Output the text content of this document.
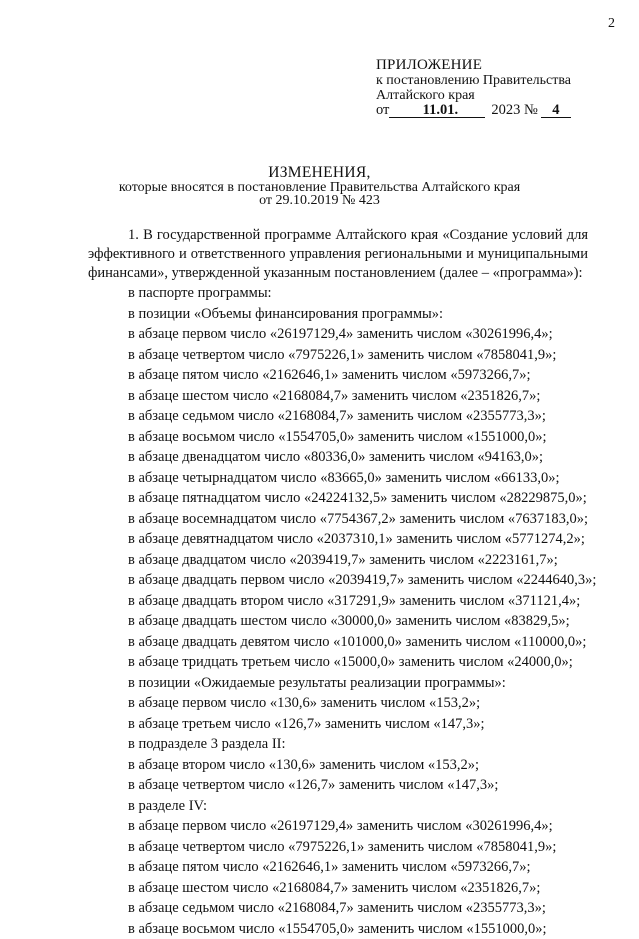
2
ПРИЛОЖЕНИЕ
к постановлению Правительства
Алтайского края
от	11.01.	2023 № 4
ИЗМЕНЕНИЯ,
которые вносятся в постановление Правительства Алтайского края
от 29.10.2019 № 423

1. В государственной программе Алтайского края «Создание условий для эффективного и ответственного управления региональными и муниципальными финансами», утвержденной указанным постановлением (далее – «программа»):

в паспорте программы:
в позиции «Объемы финансирования программы»:
в абзаце первом число «26197129,4» заменить числом «30261996,4»;
в абзаце четвертом число «7975226,1» заменить числом «7858041,9»;
в абзаце пятом число «2162646,1» заменить числом «5973266,7»;
в абзаце шестом число «2168084,7» заменить числом «2351826,7»;
в абзаце седьмом число «2168084,7» заменить числом «2355773,3»;
в абзаце восьмом число «1554705,0» заменить числом «1551000,0»;
в абзаце двенадцатом число «80336,0» заменить числом «94163,0»;
в абзаце четырнадцатом число «83665,0» заменить числом «66133,0»;
в абзаце пятнадцатом число «24224132,5» заменить числом «28229875,0»;
в абзаце восемнадцатом число «7754367,2» заменить числом «7637183,0»;
в абзаце девятнадцатом число «2037310,1» заменить числом «5771274,2»;
в абзаце двадцатом число «2039419,7» заменить числом «2223161,7»;
в абзаце двадцать первом число «2039419,7» заменить числом «2244640,3»;
в абзаце двадцать втором число «317291,9» заменить числом «371121,4»;
в абзаце двадцать шестом число «30000,0» заменить числом «83829,5»;
в абзаце двадцать девятом число «101000,0» заменить числом «110000,0»;
в абзаце тридцать третьем число «15000,0» заменить числом «24000,0»;
в позиции «Ожидаемые результаты реализации программы»:
в абзаце первом число «130,6» заменить числом «153,2»;
в абзаце третьем число «126,7» заменить числом «147,3»;
в подразделе 3 раздела II:
в абзаце втором число «130,6» заменить числом «153,2»;
в абзаце четвертом число «126,7» заменить числом «147,3»;
в разделе IV:
в абзаце первом число «26197129,4» заменить числом «30261996,4»;
в абзаце четвертом число «7975226,1» заменить числом «7858041,9»;
в абзаце пятом число «2162646,1» заменить числом «5973266,7»;
в абзаце шестом число «2168084,7» заменить числом «2351826,7»;
в абзаце седьмом число «2168084,7» заменить числом «2355773,3»;
в абзаце восьмом число «1554705,0» заменить числом «1551000,0»;
